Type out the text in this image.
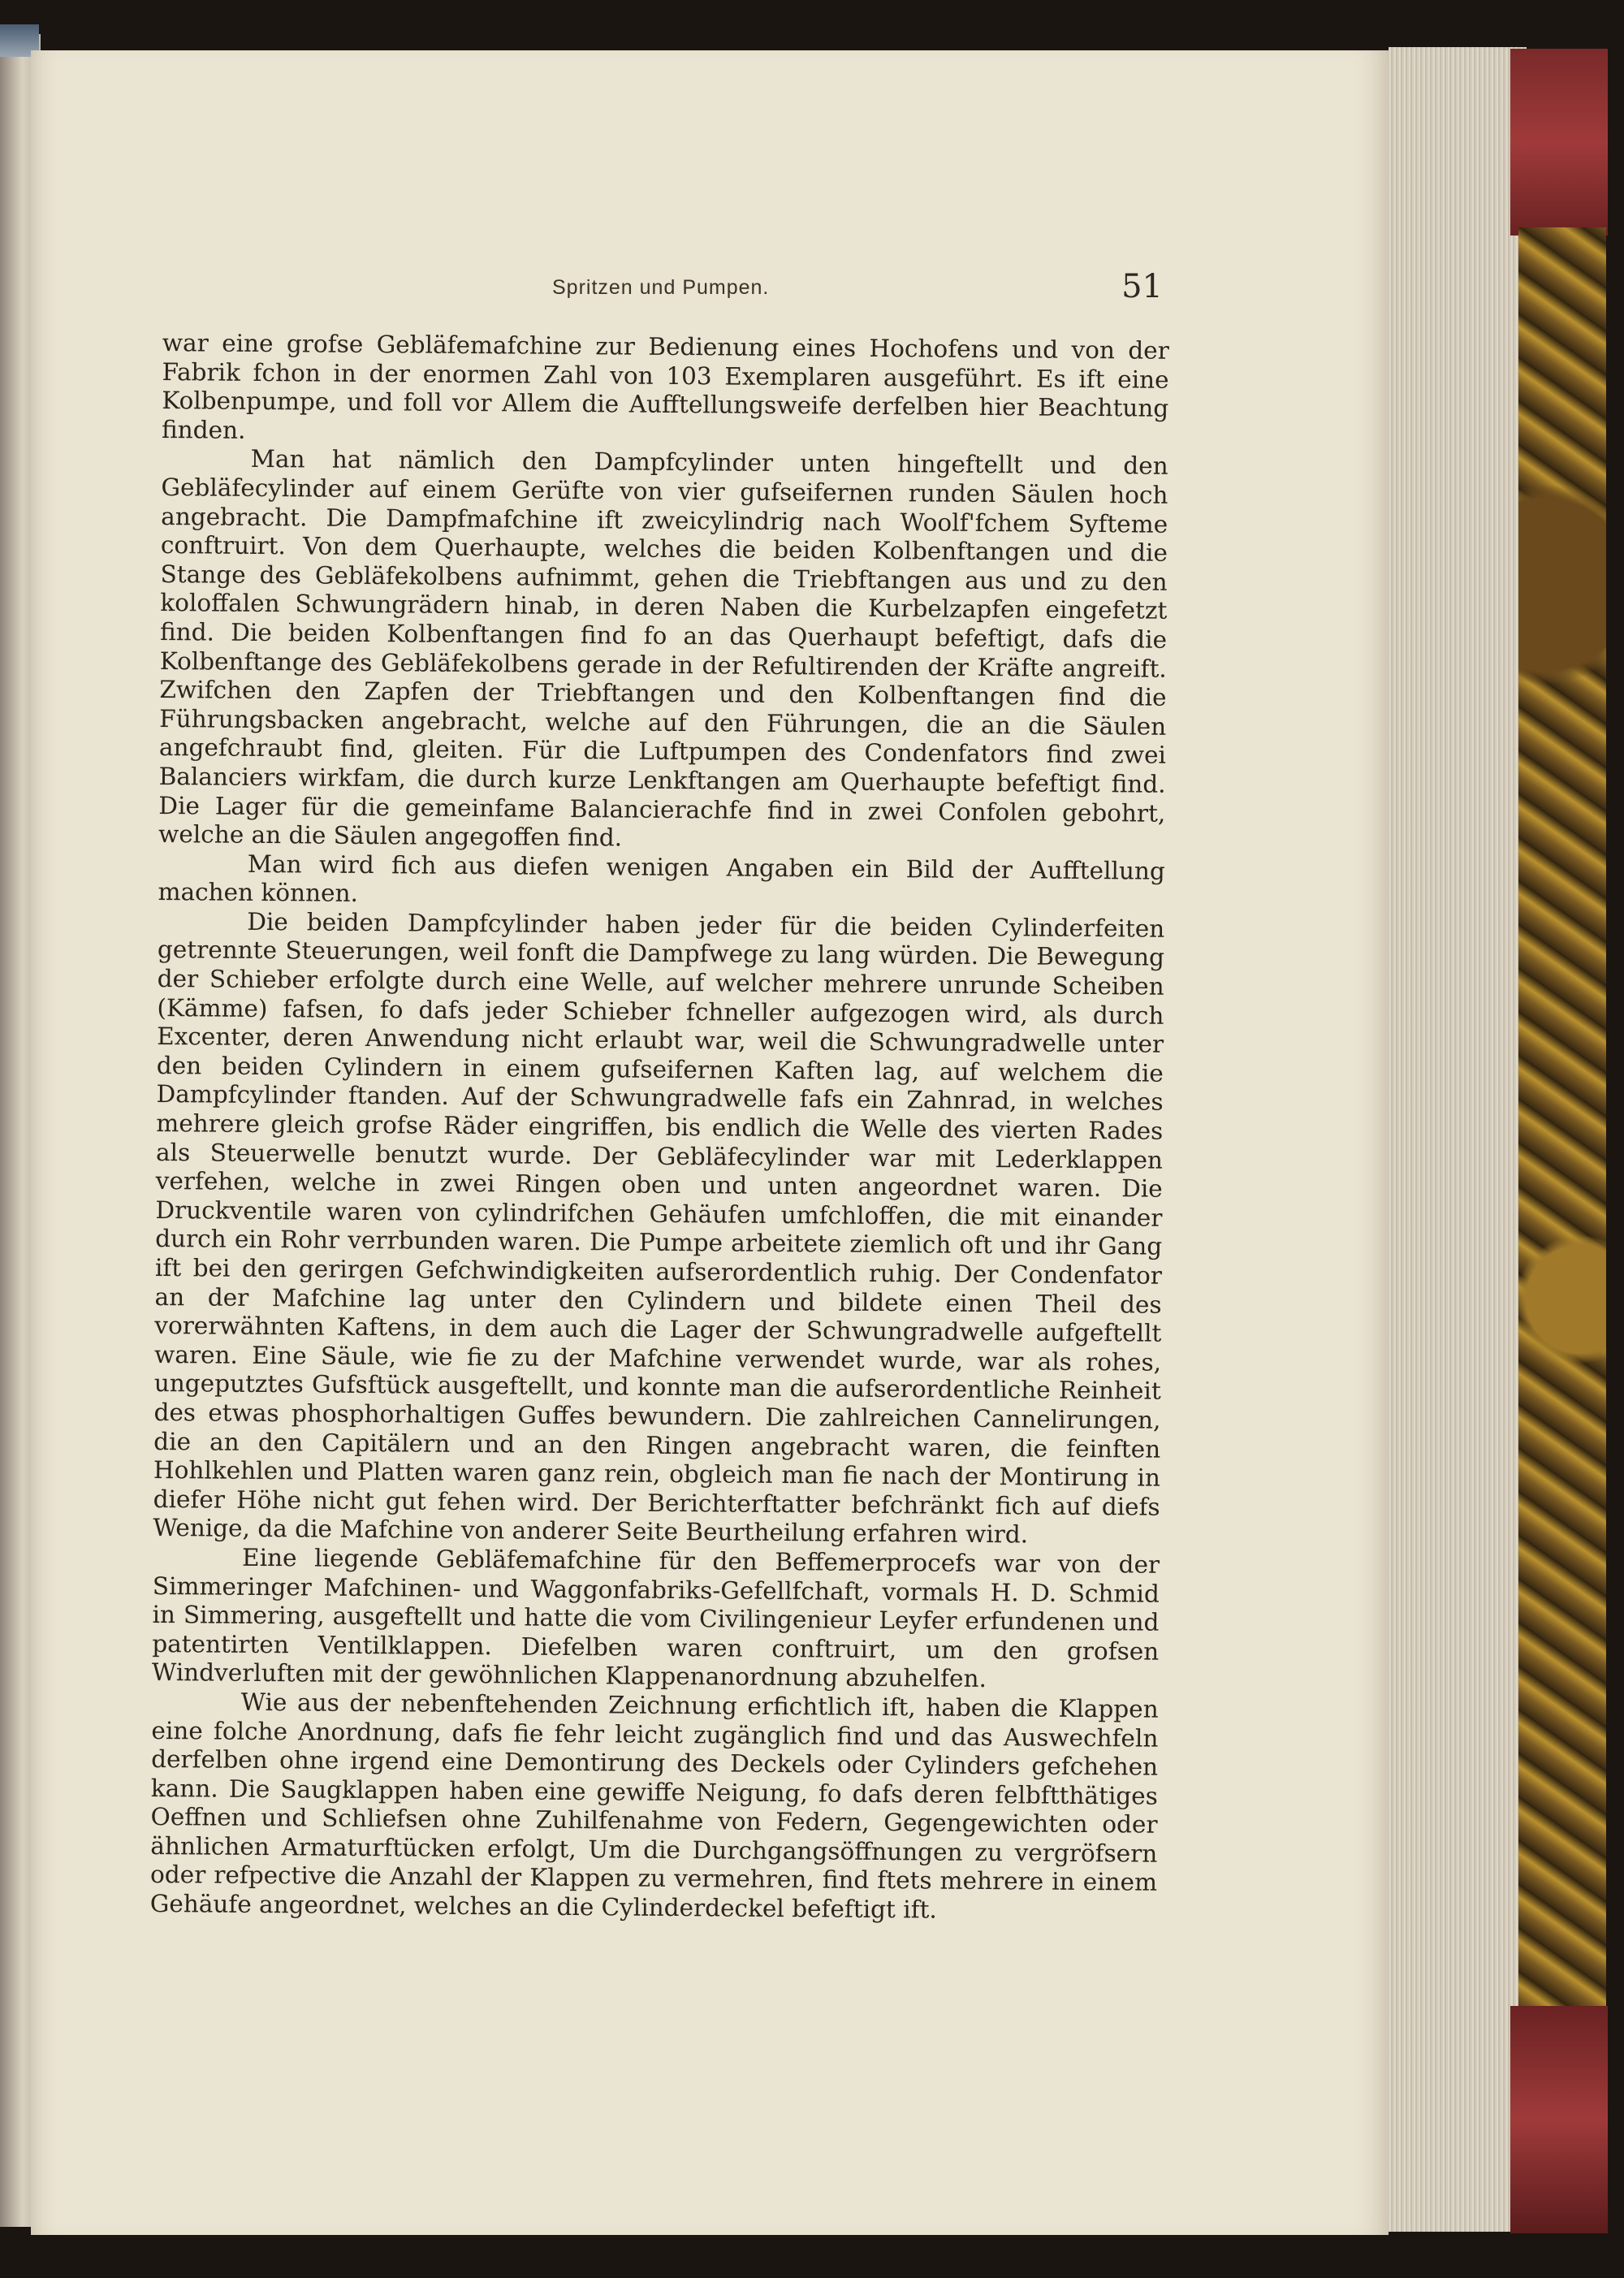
Spritzen und Pumpen.	51

war eine grofse Gebläfemafchine zur Bedienung eines Hochofens und von der Fabrik fchon in der enormen Zahl von 103 Exemplaren ausgeführt. Es ift eine Kolbenpumpe, und foll vor Allem die Aufftellungsweife derfelben hier Beachtung finden.

Man hat nämlich den Dampfcylinder unten hingeftellt und den Gebläfecylinder auf einem Gerüfte von vier gufseifernen runden Säulen hoch angebracht. Die Dampfmafchine ift zweicylindrig nach Woolf'fchem Syfteme conftruirt. Von dem Querhaupte, welches die beiden Kolbenftangen und die Stange des Gebläfekolbens aufnimmt, gehen die Triebftangen aus und zu den koloffalen Schwungrädern hinab, in deren Naben die Kurbelzapfen eingefetzt find. Die beiden Kolbenftangen find fo an das Querhaupt befeftigt, dafs die Kolbenftange des Gebläfekolbens gerade in der Refultirenden der Kräfte angreift. Zwifchen den Zapfen der Triebftangen und den Kolbenftangen find die Führungsbacken angebracht, welche auf den Führungen, die an die Säulen angefchraubt find, gleiten. Für die Luftpumpen des Condenfators find zwei Balanciers wirkfam, die durch kurze Lenkftangen am Querhaupte befeftigt find. Die Lager für die gemeinfame Balancierachfe find in zwei Confolen gebohrt, welche an die Säulen angegoffen find.

Man wird fich aus diefen wenigen Angaben ein Bild der Aufftellung machen können.

Die beiden Dampfcylinder haben jeder für die beiden Cylinderfeiten getrennte Steuerungen, weil fonft die Dampfwege zu lang würden. Die Bewegung der Schieber erfolgte durch eine Welle, auf welcher mehrere unrunde Scheiben (Kämme) fafsen, fo dafs jeder Schieber fchneller aufgezogen wird, als durch Excenter, deren Anwendung nicht erlaubt war, weil die Schwungradwelle unter den beiden Cylindern in einem gufseifernen Kaften lag, auf welchem die Dampfcylinder ftanden. Auf der Schwungradwelle fafs ein Zahnrad, in welches mehrere gleich grofse Räder eingriffen, bis endlich die Welle des vierten Rades als Steuerwelle benutzt wurde. Der Gebläfecylinder war mit Lederklappen verfehen, welche in zwei Ringen oben und unten angeordnet waren. Die Druckventile waren von cylindrifchen Gehäufen umfchloffen, die mit einander durch ein Rohr verrbunden waren. Die Pumpe arbeitete ziemlich oft und ihr Gang ift bei den gerirgen Gefchwindigkeiten aufserordentlich ruhig. Der Condenfator an der Mafchine lag unter den Cylindern und bildete einen Theil des vorerwähnten Kaftens, in dem auch die Lager der Schwungradwelle aufgeftellt waren. Eine Säule, wie fie zu der Mafchine verwendet wurde, war als rohes, ungeputztes Gufsftück ausgeftellt, und konnte man die aufserordentliche Reinheit des etwas phosphorhaltigen Guffes bewundern. Die zahlreichen Cannelirungen, die an den Capitälern und an den Ringen angebracht waren, die feinften Hohlkehlen und Platten waren ganz rein, obgleich man fie nach der Montirung in diefer Höhe nicht gut fehen wird. Der Berichterftatter befchränkt fich auf diefs Wenige, da die Mafchine von anderer Seite Beurtheilung erfahren wird.

Eine liegende Gebläfemafchine für den Beffemerprocefs war von der Simmeringer Mafchinen- und Waggonfabriks-Gefellfchaft, vormals H. D. Schmid in Simmering, ausgeftellt und hatte die vom Civilingenieur Leyfer erfundenen und patentirten Ventilklappen. Diefelben waren conftruirt, um den grofsen Windverluften mit der gewöhnlichen Klappenanordnung abzuhelfen.

Wie aus der nebenftehenden Zeichnung erfichtlich ift, haben die Klappen eine folche Anordnung, dafs fie fehr leicht zugänglich find und das Auswechfeln derfelben ohne irgend eine Demontirung des Deckels oder Cylinders gefchehen kann. Die Saugklappen haben eine gewiffe Neigung, fo dafs deren felbftthätiges Oeffnen und Schliefsen ohne Zuhilfenahme von Federn, Gegengewichten oder ähnlichen Armaturftücken erfolgt, Um die Durchgangsöffnungen zu vergröfsern oder refpective die Anzahl der Klappen zu vermehren, find ftets mehrere in einem Gehäufe angeordnet, welches an die Cylinderdeckel befeftigt ift.
